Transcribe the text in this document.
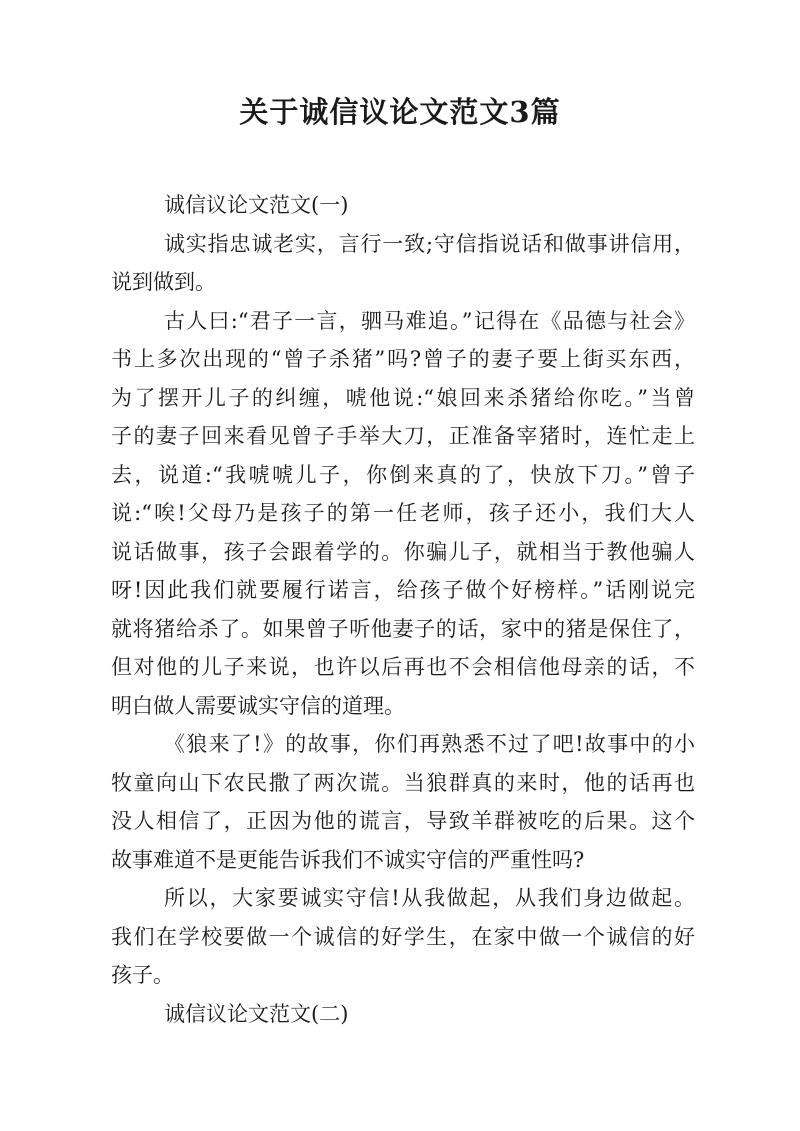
关于诚信议论文范文3篇
诚信议论文范文(一)
诚实指忠诚老实，言行一致;守信指说话和做事讲信用，
说到做到。
古人曰:“君子一言，驷马难追。”记得在《品德与社会》
书上多次出现的“曾子杀猪”吗?曾子的妻子要上街买东西，
为了摆开儿子的纠缠，唬他说:“娘回来杀猪给你吃。”当曾
子的妻子回来看见曾子手举大刀，正准备宰猪时，连忙走上
去，说道:“我唬唬儿子，你倒来真的了，快放下刀。”曾子
说:“唉!父母乃是孩子的第一任老师，孩子还小，我们大人
说话做事，孩子会跟着学的。你骗儿子，就相当于教他骗人
呀!因此我们就要履行诺言，给孩子做个好榜样。”话刚说完
就将猪给杀了。如果曾子听他妻子的话，家中的猪是保住了，
但对他的儿子来说，也许以后再也不会相信他母亲的话，不
明白做人需要诚实守信的道理。
《狼来了!》的故事，你们再熟悉不过了吧!故事中的小
牧童向山下农民撒了两次谎。当狼群真的来时，他的话再也
没人相信了，正因为他的谎言，导致羊群被吃的后果。这个
故事难道不是更能告诉我们不诚实守信的严重性吗?
所以，大家要诚实守信!从我做起，从我们身边做起。
我们在学校要做一个诚信的好学生，在家中做一个诚信的好
孩子。
诚信议论文范文(二)
